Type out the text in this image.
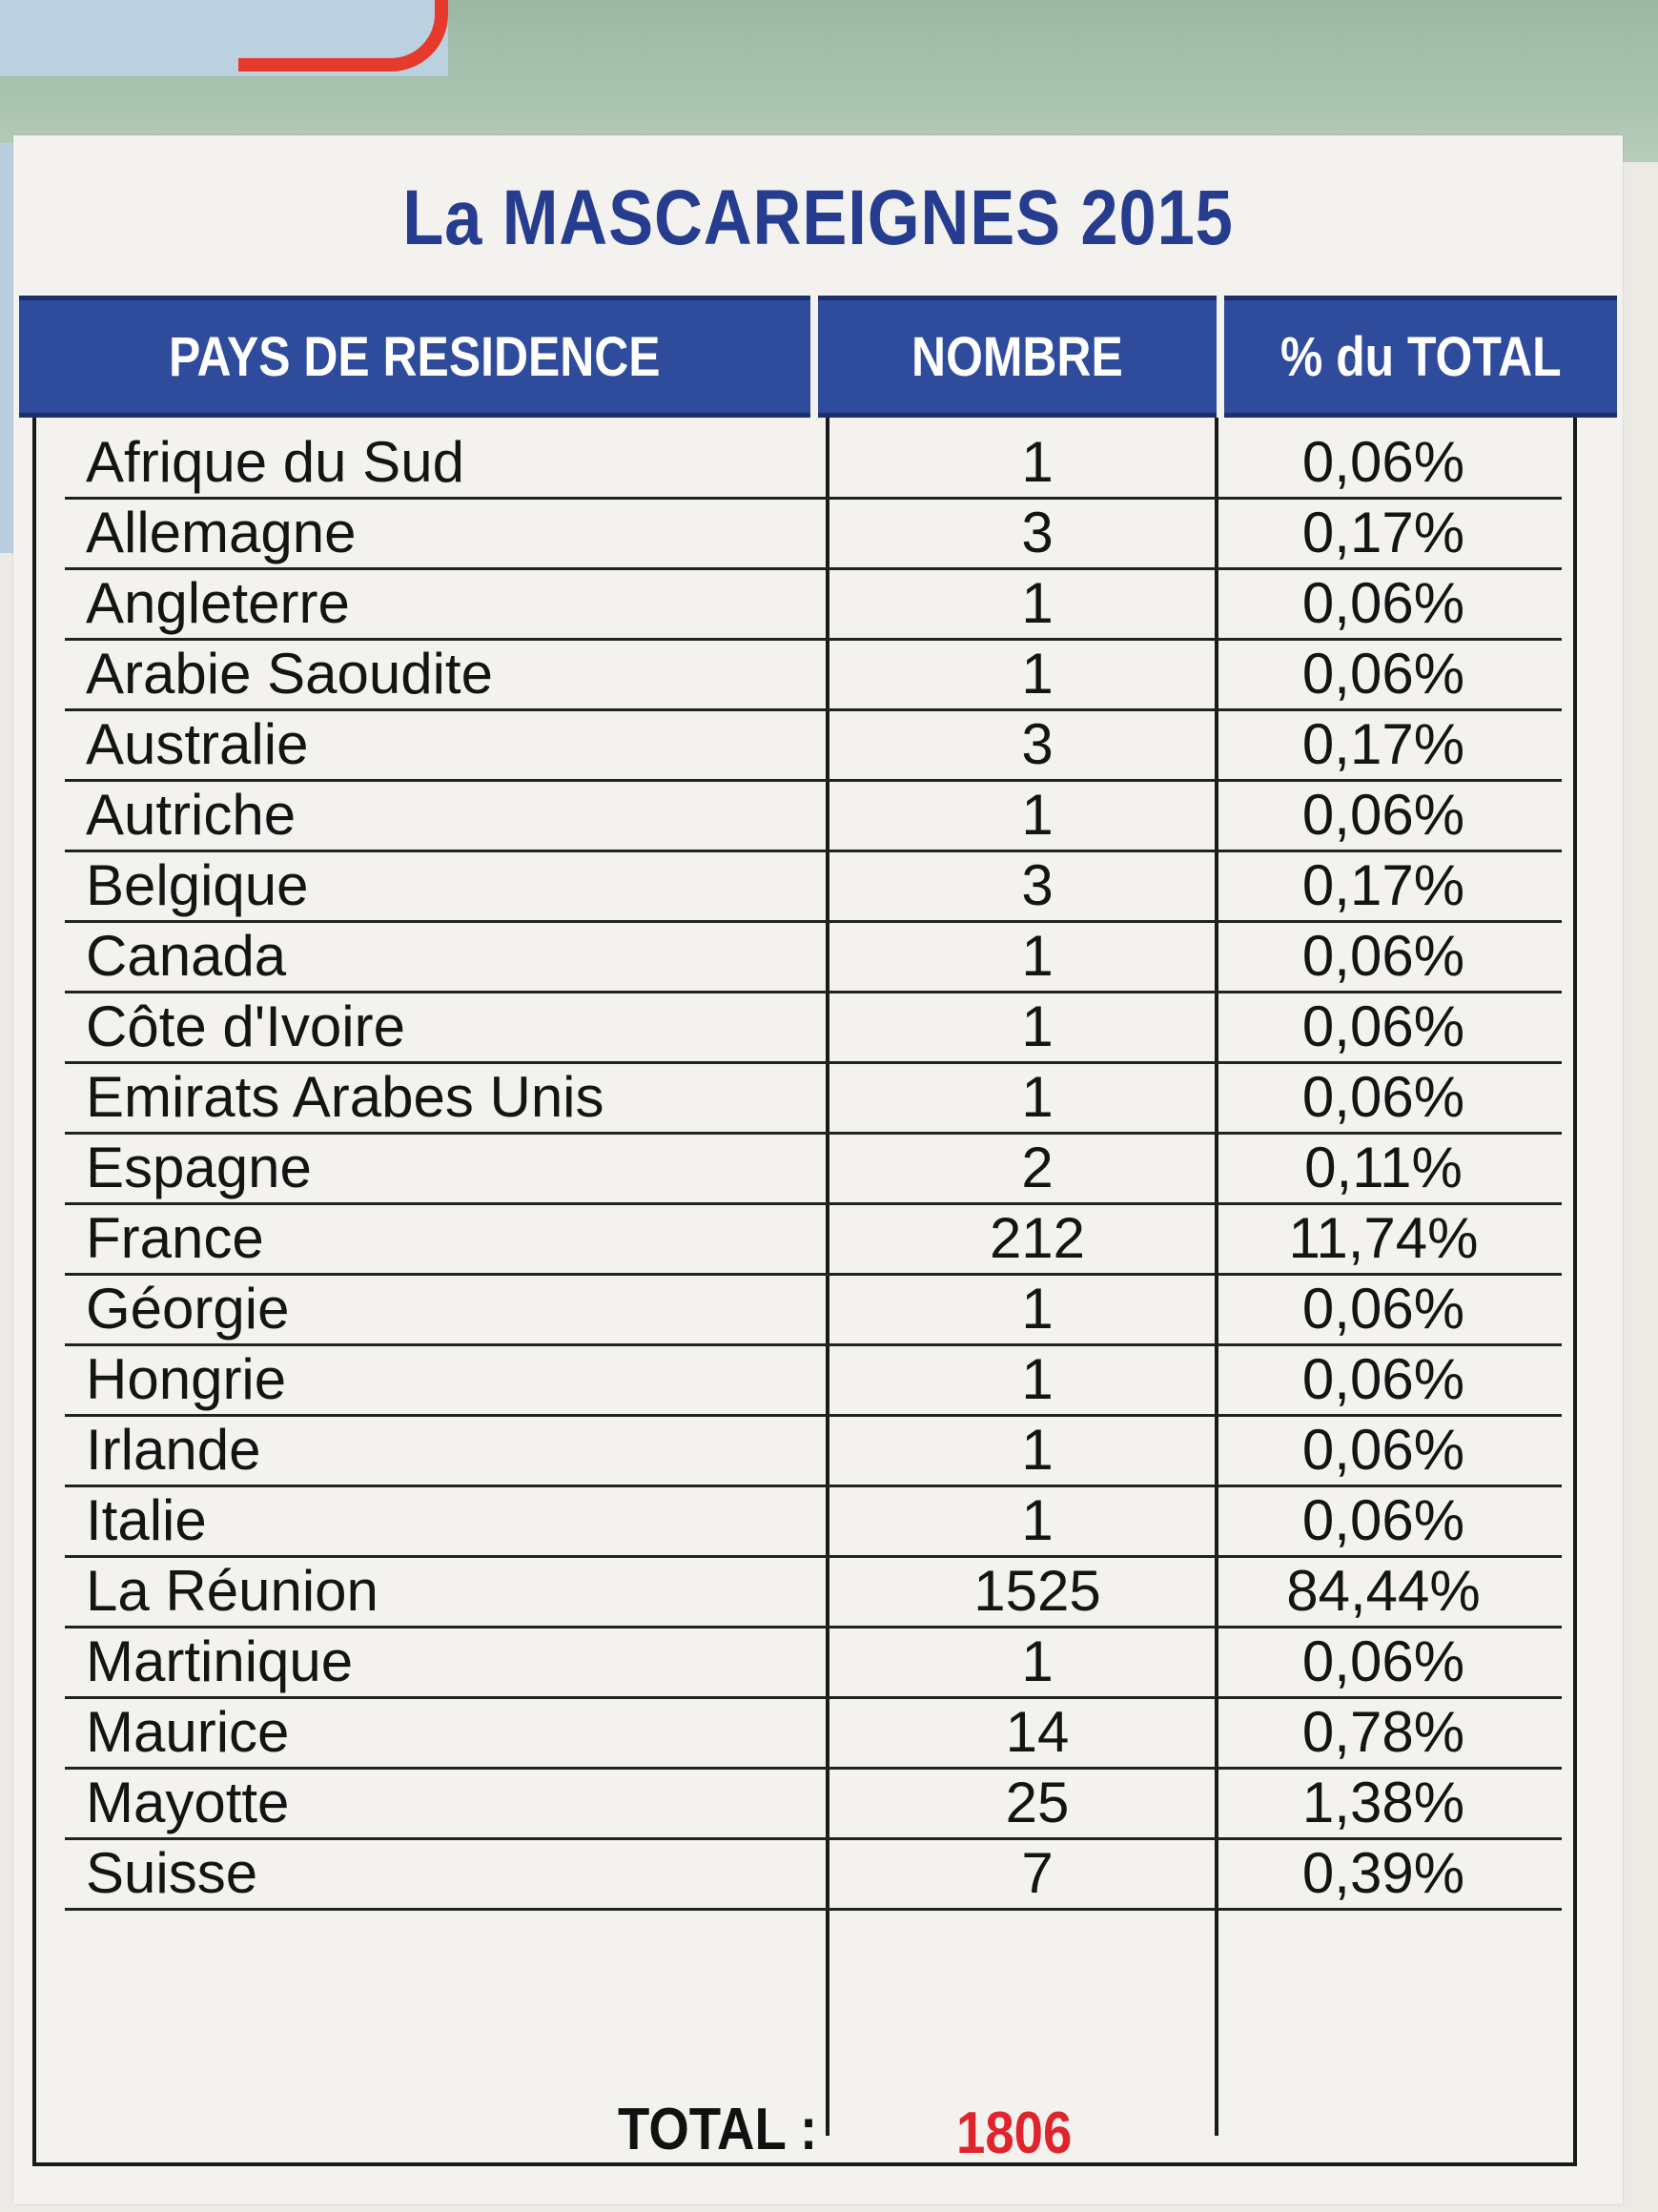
La MASCAREIGNES 2015
PAYS DE RESIDENCE	NOMBRE	% du TOTAL
Afrique du Sud	1	0,06%
Allemagne	3	0,17%
Angleterre	1	0,06%
Arabie Saoudite	1	0,06%
Australie	3	0,17%
Autriche	1	0,06%
Belgique	3	0,17%
Canada	1	0,06%
Côte d'Ivoire	1	0,06%
Emirats Arabes Unis	1	0,06%
Espagne	2	0,11%
France	212	11,74%
Géorgie	1	0,06%
Hongrie	1	0,06%
Irlande	1	0,06%
Italie	1	0,06%
La Réunion	1525	84,44%
Martinique	1	0,06%
Maurice	14	0,78%
Mayotte	25	1,38%
Suisse	7	0,39%
TOTAL : 1806
